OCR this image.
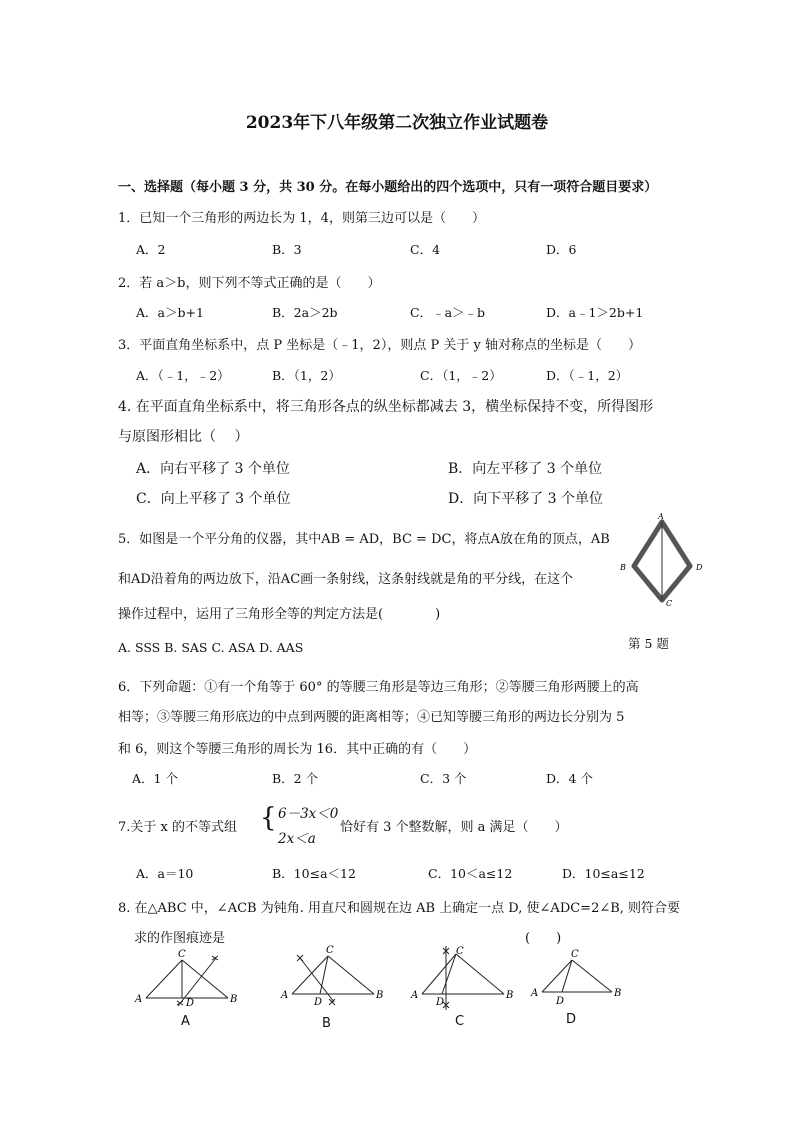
2023年下八年级第二次独立作业试题卷
一、选择题（每小题 3 分，共 30 分。在每小题给出的四个选项中，只有一项符合题目要求）
1．已知一个三角形的两边长为 1，4，则第三边可以是（　　）
A．2	B．3	C．4	D．6
2．若 a＞b，则下列不等式正确的是（　　）
A．a＞b+1	B．2a＞2b	C．﹣a＞﹣b	D．a﹣1＞2b+1
3．平面直角坐标系中，点 P 坐标是（﹣1，2），则点 P 关于 y 轴对称点的坐标是（　　）
A．（﹣1，﹣2）	B．（1，2）	C．（1，﹣2）	D．（﹣1，2）
4. 在平面直角坐标系中，将三角形各点的纵坐标都减去 3，横坐标保持不变，所得图形
与原图形相比（　 ）
A．向右平移了 3 个单位	B．向左平移了 3 个单位
C．向上平移了 3 个单位	D．向下平移了 3 个单位
5．如图是一个平分角的仪器，其中AB = AD，BC = DC，将点A放在角的顶点，AB
和AD沿着角的两边放下，沿AC画一条射线，这条射线就是角的平分线，在这个
操作过程中，运用了三角形全等的判定方法是(　　　　)
A. SSS B. SAS C. ASA D. AAS
A
B
C
D
第 5 题
6．下列命题：①有一个角等于 60° 的等腰三角形是等边三角形；②等腰三角形两腰上的高
相等；③等腰三角形底边的中点到两腰的距离相等；④已知等腰三角形的两边长分别为 5
和 6，则这个等腰三角形的周长为 16．其中正确的有（　　）
A．1 个	B．2 个	C．3 个	D．4 个
7.关于 x 的不等式组 { 6－3x＜0
2x＜a
恰好有 3 个整数解，则 a 满足（　　）
A．a＝10	B．10≤a＜12	C．10＜a≤12	D．10≤a≤12
8. 在△ABC 中，∠ACB 为钝角. 用直尺和圆规在边 AB 上确定一点 D, 使∠ADC=2∠B, 则符合要
求的作图痕迹是	(　　)
A	B
C
D
A
A	B
C
D
B
A	B
C
D
C
A	B
C
D
D
